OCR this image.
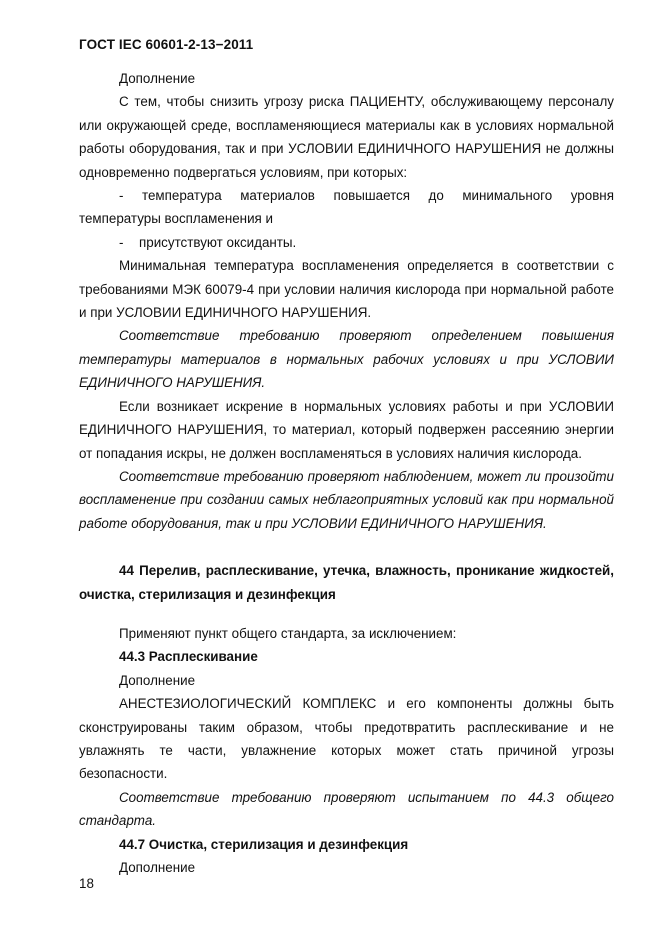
ГОСТ IEC 60601-2-13−2011

Дополнение

С тем, чтобы снизить угрозу риска ПАЦИЕНТУ, обслуживающему персоналу или окружающей среде, воспламеняющиеся материалы как в условиях нормальной работы оборудования, так и при УСЛОВИИ ЕДИНИЧНОГО НАРУШЕНИЯ не должны одновременно подвергаться условиям, при которых:

- температура материалов повышается до минимального уровня
температуры воспламенения и
- присутствуют оксиданты.

Минимальная температура воспламенения определяется в соответствии с требованиями МЭК 60079-4 при условии наличия кислорода при нормальной работе и при УСЛОВИИ ЕДИНИЧНОГО НАРУШЕНИЯ.

Соответствие требованию проверяют определением повышения температуры материалов в нормальных рабочих условиях и при УСЛОВИИ ЕДИНИЧНОГО НАРУШЕНИЯ.

Если возникает искрение в нормальных условиях работы и при УСЛОВИИ ЕДИНИЧНОГО НАРУШЕНИЯ, то материал, который подвержен рассеянию энергии от попадания искры, не должен воспламеняться в условиях наличия кислорода.

Соответствие требованию проверяют наблюдением, может ли произойти воспламенение при создании самых неблагоприятных условий как при нормальной работе оборудования, так и при УСЛОВИИ ЕДИНИЧНОГО НАРУШЕНИЯ.

44 Перелив, расплескивание, утечка, влажность, проникание жидкостей, очистка, стерилизация и дезинфекция

Применяют пункт общего стандарта, за исключением:

44.3 Расплескивание

Дополнение

АНЕСТЕЗИОЛОГИЧЕСКИЙ КОМПЛЕКС и его компоненты должны быть сконструированы таким образом, чтобы предотвратить расплескивание и не увлажнять те части, увлажнение которых может стать причиной угрозы безопасности.

Соответствие требованию проверяют испытанием по 44.3 общего стандарта.

44.7 Очистка, стерилизация и дезинфекция

Дополнение

18
